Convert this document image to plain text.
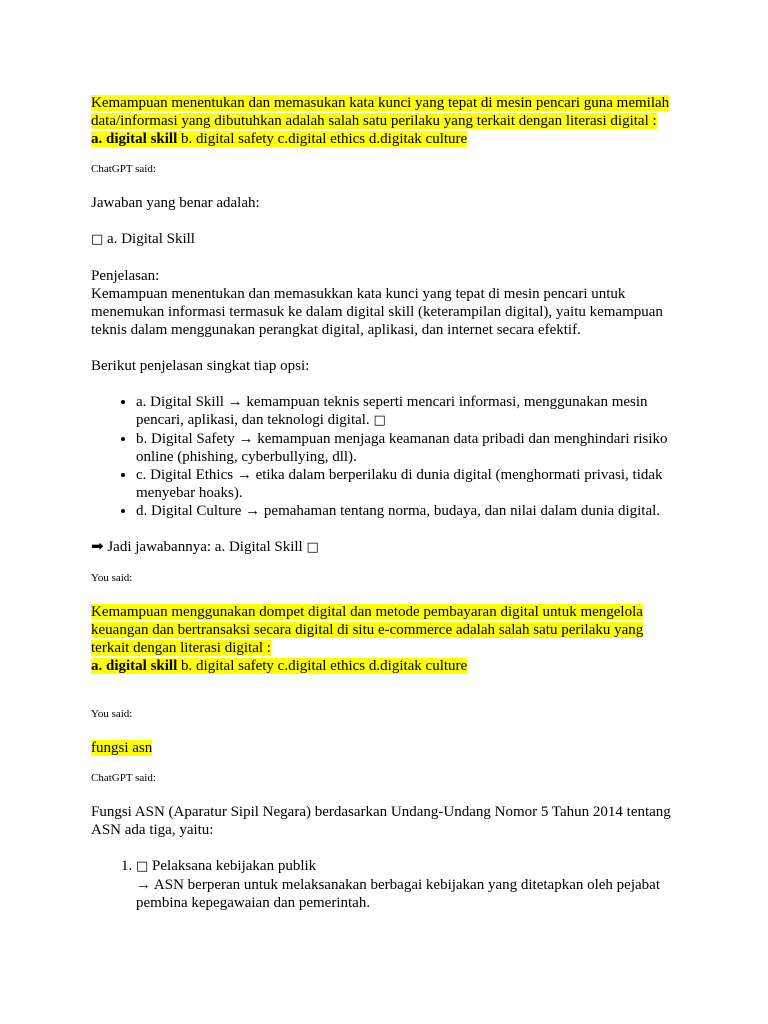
Kemampuan menentukan dan memasukan kata kunci yang tepat di mesin pencari guna memilah data/informasi yang dibutuhkan adalah salah satu perilaku yang terkait dengan literasi digital :
a. digital skill b. digital safety c.digital ethics d.digitak culture

ChatGPT said:

Jawaban yang benar adalah:

□ a. Digital Skill

Penjelasan:

Kemampuan menentukan dan memasukkan kata kunci yang tepat di mesin pencari untuk menemukan informasi termasuk ke dalam digital skill (keterampilan digital), yaitu kemampuan teknis dalam menggunakan perangkat digital, aplikasi, dan internet secara efektif.

Berikut penjelasan singkat tiap opsi:

• a. Digital Skill → kemampuan teknis seperti mencari informasi, menggunakan mesin pencari, aplikasi, dan teknologi digital. □
• b. Digital Safety → kemampuan menjaga keamanan data pribadi dan menghindari risiko online (phishing, cyberbullying, dll).
• c. Digital Ethics → etika dalam berperilaku di dunia digital (menghormati privasi, tidak menyebar hoaks).
• d. Digital Culture → pemahaman tentang norma, budaya, dan nilai dalam dunia digital.

➡ Jadi jawabannya: a. Digital Skill □

You said:

Kemampuan menggunakan dompet digital dan metode pembayaran digital untuk mengelola keuangan dan bertransaksi secara digital di situ e-commerce adalah salah satu perilaku yang terkait dengan literasi digital :
a. digital skill b. digital safety c.digital ethics d.digitak culture

You said:

fungsi asn

ChatGPT said:

Fungsi ASN (Aparatur Sipil Negara) berdasarkan Undang-Undang Nomor 5 Tahun 2014 tentang ASN ada tiga, yaitu:

1. □ Pelaksana kebijakan publik
→ ASN berperan untuk melaksanakan berbagai kebijakan yang ditetapkan oleh pejabat pembina kepegawaian dan pemerintah.
